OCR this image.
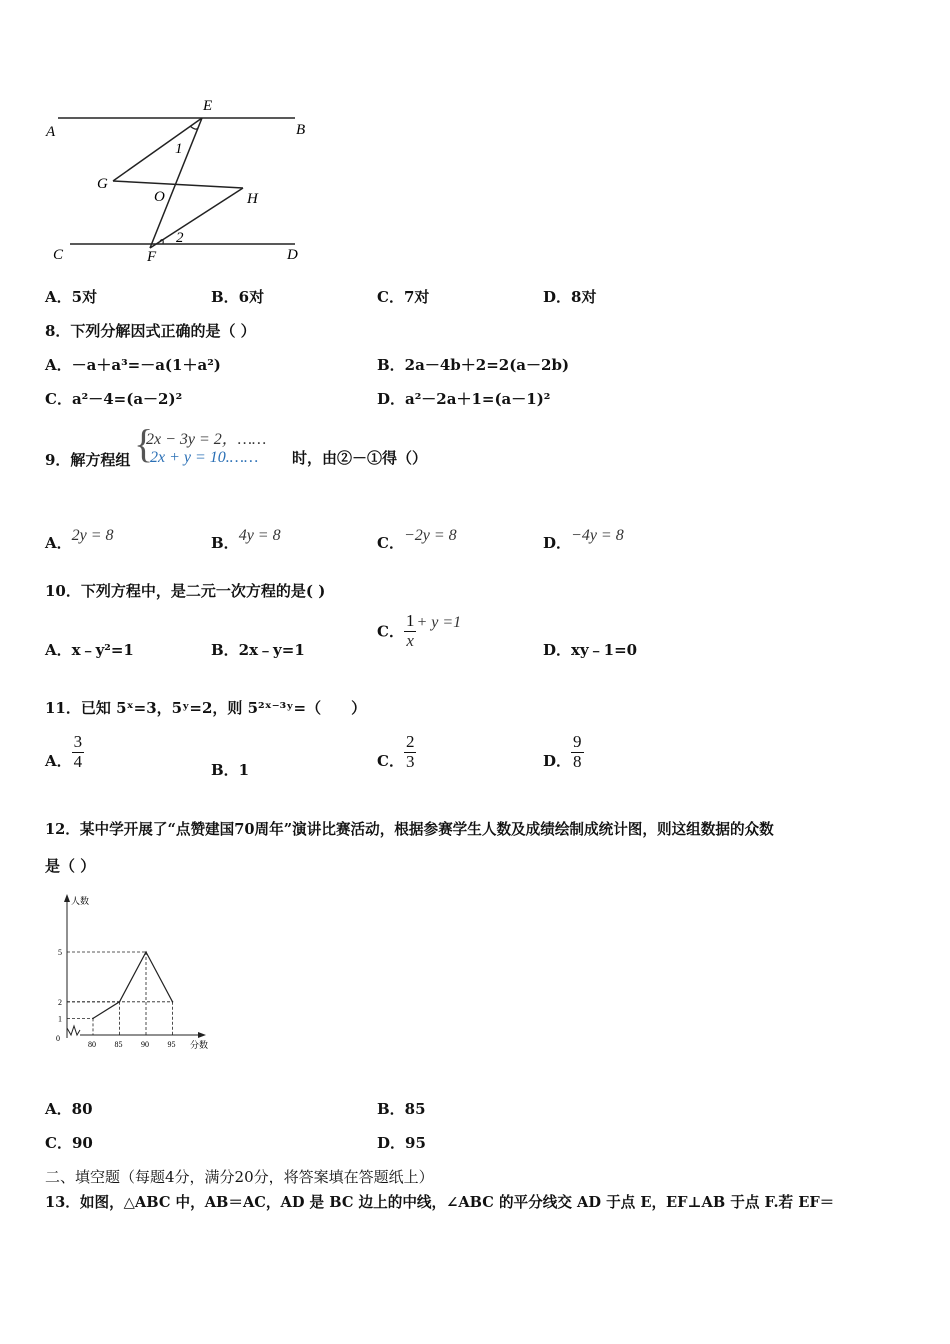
A	B
E
1
G
O	H
2
C	F	D
A．5对	B．6对	C．7对	D．8对
8．下列分解因式正确的是（ ）
A．－a＋a³=－a(1＋a²)	B．2a－4b＋2=2(a－2b)
C．a²－4=(a－2)²	D．a²－2a＋1=(a－1)²
9．解方程组 {
2x − 3y = 2，……
2x + y = 10.…… 时，由②－①得（）
A．2y = 8	B．4y = 8	C．−2y = 8	D．−4y = 8
10．下列方程中，是二元一次方程的是( )
A．x﹣y²=1	B．2x﹣y=1
C． $\frac{1}{x} + y =1$
D．xy﹣1=0
11．已知 5ˣ=3，5ʸ=2，则 5²ˣ⁻³ʸ=（　　）
A． $\frac{3}{4}$	B．1
C． $\frac{2}{3}$	D． $\frac{9}{8}$
12．某中学开展了“点赞建国70周年”演讲比赛活动，根据参赛学生人数及成绩绘制成统计图，则这组数据的众数
是（ ）
人数
分数
0
80 85 90 95
1
2
5
A．80	B．85
C．90	D．95
二、填空题（每题4分，满分20分，将答案填在答题纸上）
13．如图，△ABC 中，AB＝AC，AD 是 BC 边上的中线，∠ABC 的平分线交 AD 于点 E，EF⊥AB 于点 F.若 EF＝
